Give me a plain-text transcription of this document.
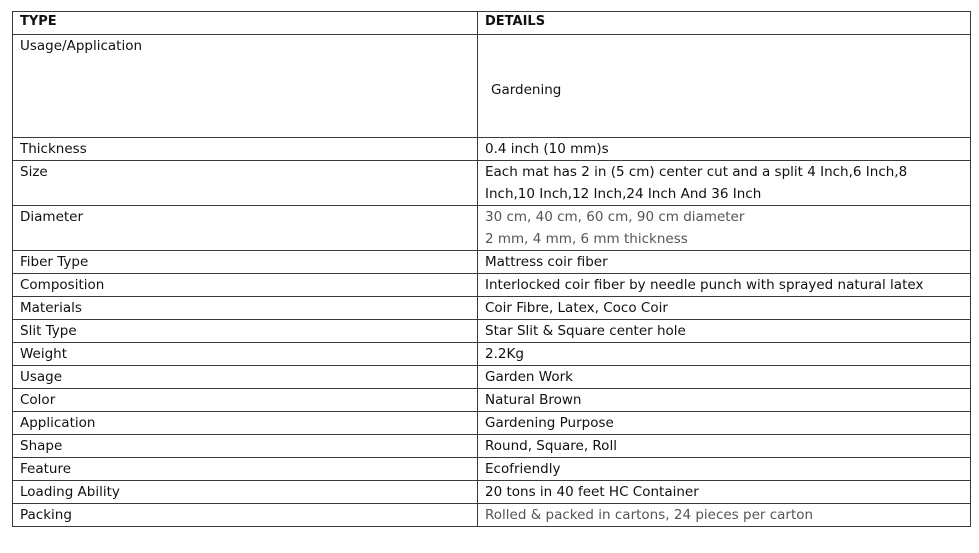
TYPE	DETAILS
Usage/Application	Gardening

Thickness	0.4 inch (10 mm)s
Size	Each mat has 2 in (5 cm) center cut and a split 4 Inch,6 Inch,8
Inch,10 Inch,12 Inch,24 Inch And 36 Inch

Diameter	30 cm, 40 cm, 60 cm, 90 cm diameter
2 mm, 4 mm, 6 mm thickness

Fiber Type	Mattress coir fiber
Composition	Interlocked coir fiber by needle punch with sprayed natural latex
Materials	Coir Fibre, Latex, Coco Coir
Slit Type	Star Slit & Square center hole
Weight	2.2Kg
Usage	Garden Work
Color	Natural Brown
Application	Gardening Purpose
Shape	Round, Square, Roll
Feature	Ecofriendly
Loading Ability	20 tons in 40 feet HC Container
Packing	Rolled & packed in cartons, 24 pieces per carton
